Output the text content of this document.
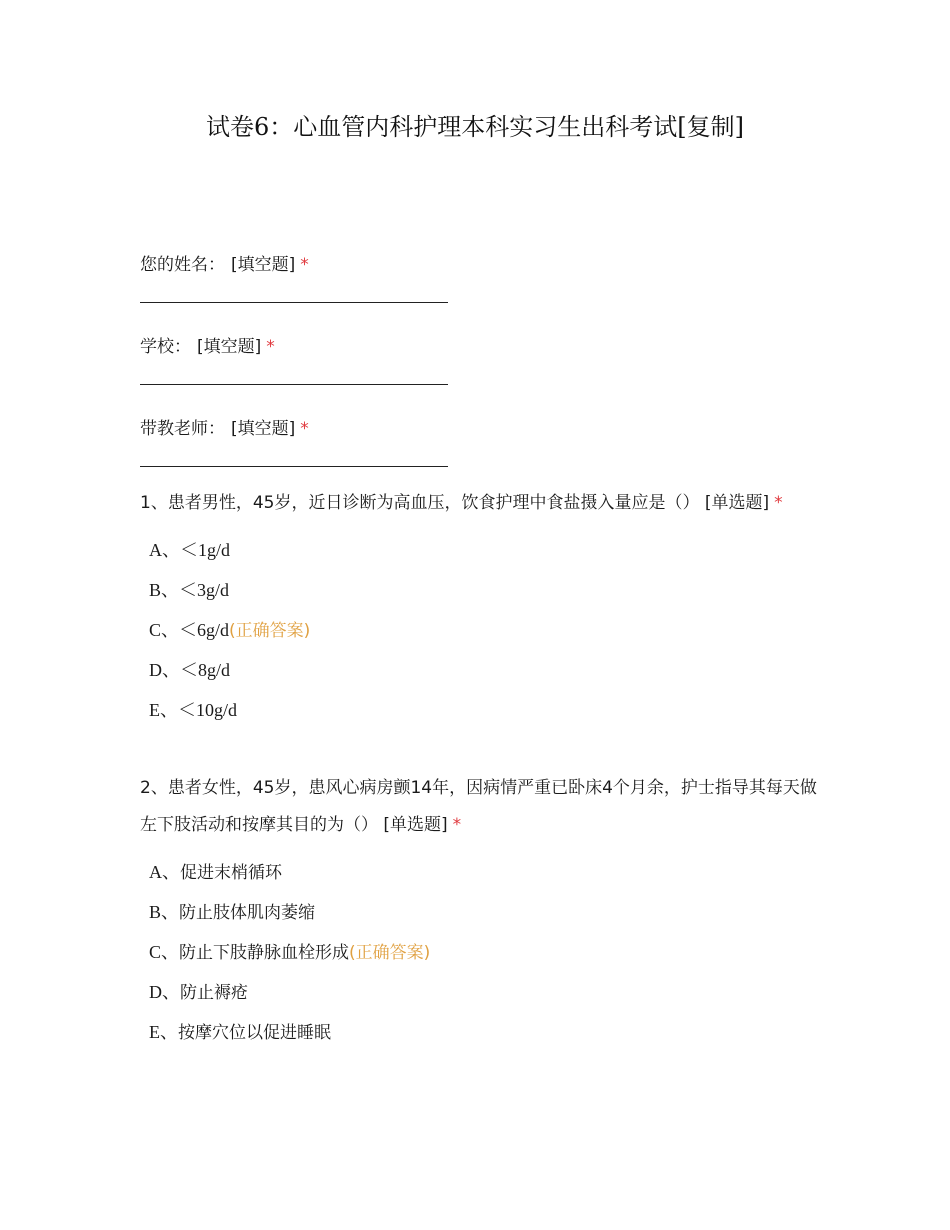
试卷6：心血管内科护理本科实习生出科考试[复制]
您的姓名： [填空题] *
学校： [填空题] *
带教老师： [填空题] *
1、患者男性，45岁，近日诊断为高血压，饮食护理中食盐摄入量应是（） [单选题] *
A、＜1g/d
B、＜3g/d
C、＜6g/d(正确答案)
D、＜8g/d
E、＜10g/d
2、患者女性，45岁，患风心病房颤14年，因病情严重已卧床4个月余，护士指导其每天做左下肢活动和按摩其目的为（） [单选题] *
A、促进末梢循环
B、防止肢体肌肉萎缩
C、防止下肢静脉血栓形成(正确答案)
D、防止褥疮
E、按摩穴位以促进睡眠
